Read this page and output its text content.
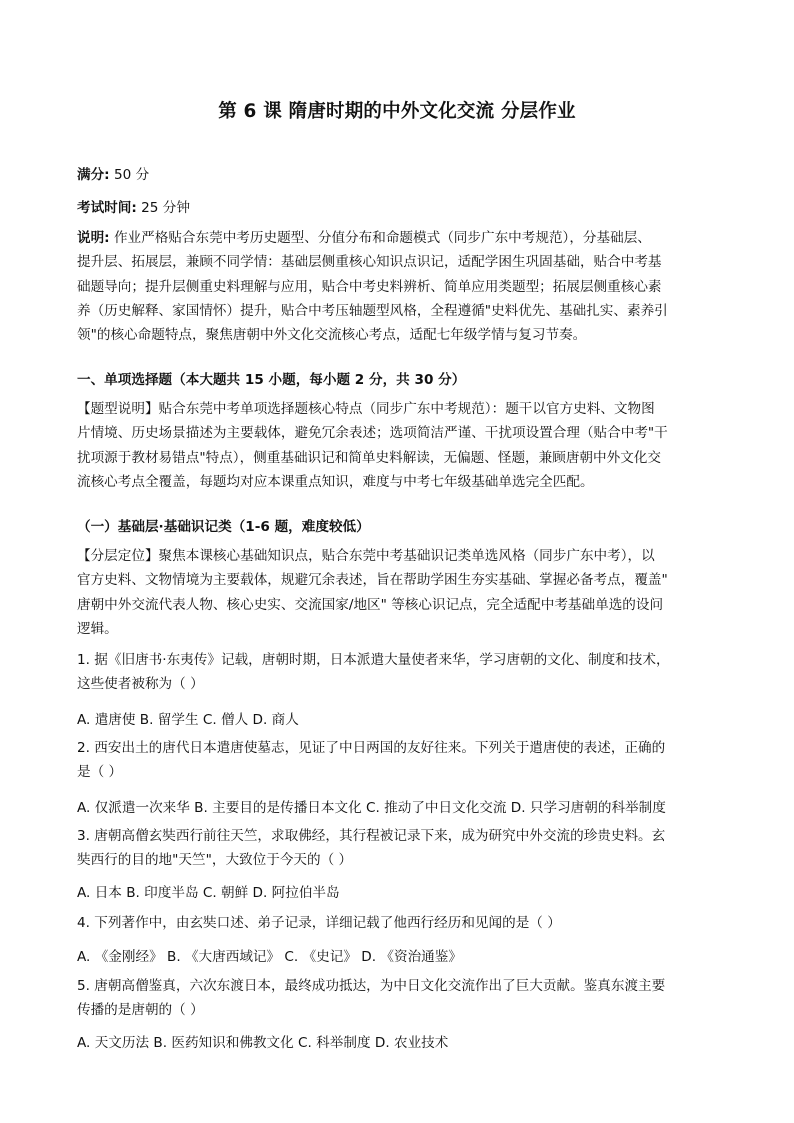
第 6 课 隋唐时期的中外文化交流 分层作业
满分: 50 分
考试时间: 25 分钟
说明: 作业严格贴合东莞中考历史题型、分值分布和命题模式（同步广东中考规范），分基础层、
提升层、拓展层，兼顾不同学情：基础层侧重核心知识点识记，适配学困生巩固基础，贴合中考基
础题导向；提升层侧重史料理解与应用，贴合中考史料辨析、简单应用类题型；拓展层侧重核心素
养（历史解释、家国情怀）提升，贴合中考压轴题型风格，全程遵循"史料优先、基础扎实、素养引
领"的核心命题特点，聚焦唐朝中外文化交流核心考点，适配七年级学情与复习节奏。
一、单项选择题（本大题共 15 小题，每小题 2 分，共 30 分）
【题型说明】贴合东莞中考单项选择题核心特点（同步广东中考规范）：题干以官方史料、文物图
片情境、历史场景描述为主要载体，避免冗余表述；选项简洁严谨、干扰项设置合理（贴合中考"干
扰项源于教材易错点"特点），侧重基础识记和简单史料解读，无偏题、怪题，兼顾唐朝中外文化交
流核心考点全覆盖，每题均对应本课重点知识，难度与中考七年级基础单选完全匹配。
（一）基础层·基础识记类（1-6 题，难度较低）
【分层定位】聚焦本课核心基础知识点，贴合东莞中考基础识记类单选风格（同步广东中考），以
官方史料、文物情境为主要载体，规避冗余表述，旨在帮助学困生夯实基础、掌握必备考点，覆盖"
唐朝中外交流代表人物、核心史实、交流国家/地区" 等核心识记点，完全适配中考基础单选的设问
逻辑。
1. 据《旧唐书·东夷传》记载，唐朝时期，日本派遣大量使者来华，学习唐朝的文化、制度和技术，
这些使者被称为（ ）
A. 遣唐使 B. 留学生 C. 僧人 D. 商人
2. 西安出土的唐代日本遣唐使墓志，见证了中日两国的友好往来。下列关于遣唐使的表述，正确的
是（ ）
A. 仅派遣一次来华 B. 主要目的是传播日本文化 C. 推动了中日文化交流 D. 只学习唐朝的科举制度
3. 唐朝高僧玄奘西行前往天竺，求取佛经，其行程被记录下来，成为研究中外交流的珍贵史料。玄
奘西行的目的地"天竺"，大致位于今天的（ ）
A. 日本 B. 印度半岛 C. 朝鲜 D. 阿拉伯半岛
4. 下列著作中，由玄奘口述、弟子记录，详细记载了他西行经历和见闻的是（ ）
A. 《金刚经》 B. 《大唐西域记》 C. 《史记》 D. 《资治通鉴》
5. 唐朝高僧鉴真，六次东渡日本，最终成功抵达，为中日文化交流作出了巨大贡献。鉴真东渡主要
传播的是唐朝的（ ）
A. 天文历法 B. 医药知识和佛教文化 C. 科举制度 D. 农业技术
